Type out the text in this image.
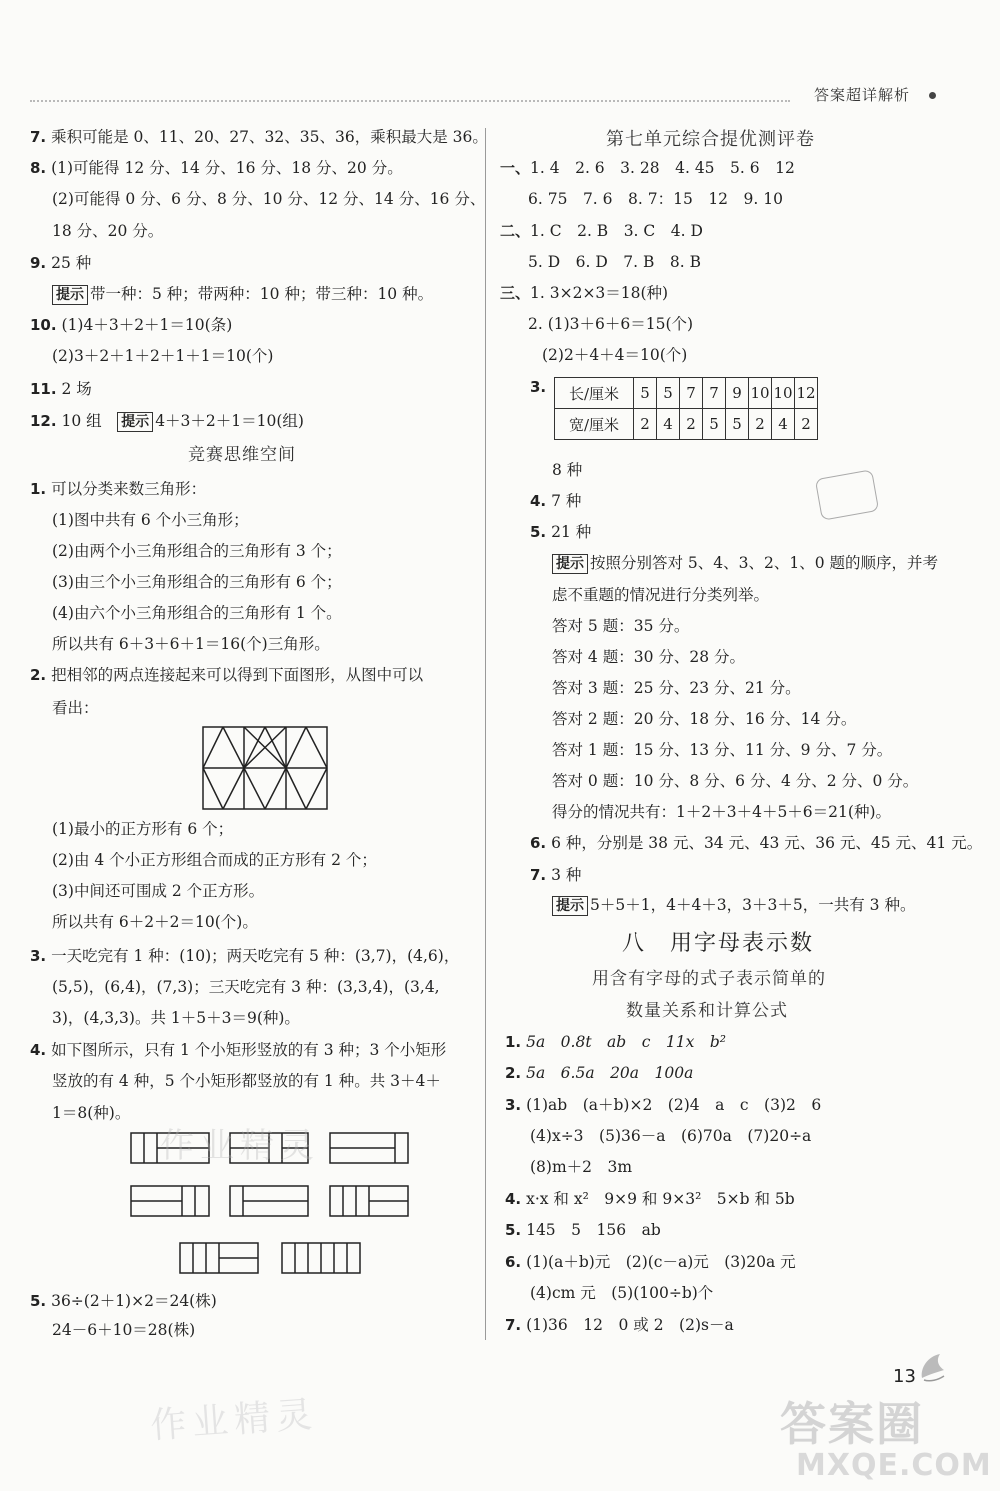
答案超详解析
7. 乘积可能是 0、11、20、27、32、35、36，乘积最大是 36。
8. (1)可能得 12 分、14 分、16 分、18 分、20 分。
(2)可能得 0 分、6 分、8 分、10 分、12 分、14 分、16 分、
18 分、20 分。
9. 25 种
提示 带一种：5 种；带两种：10 种；带三种：10 种。
10. (1)4＋3＋2＋1＝10(条)
(2)3＋2＋1＋2＋1＋1＝10(个)
11. 2 场
12. 10 组　 提示 4＋3＋2＋1＝10(组)
竞赛思维空间
1. 可以分类来数三角形：
(1)图中共有 6 个小三角形；
(2)由两个小三角形组合的三角形有 3 个；
(3)由三个小三角形组合的三角形有 6 个；
(4)由六个小三角形组合的三角形有 1 个。
所以共有 6＋3＋6＋1＝16(个)三角形。
2. 把相邻的两点连接起来可以得到下面图形，从图中可以
看出：
(1)最小的正方形有 6 个；
(2)由 4 个小正方形组合而成的正方形有 2 个；
(3)中间还可围成 2 个正方形。
所以共有 6＋2＋2＝10(个)。
3. 一天吃完有 1 种：(10)；两天吃完有 5 种：(3,7)，(4,6)，
(5,5)，(6,4)，(7,3)；三天吃完有 3 种：(3,3,4)，(3,4,
3)，(4,3,3)。共 1＋5＋3＝9(种)。
4. 如下图所示，只有 1 个小矩形竖放的有 3 种；3 个小矩形
竖放的有 4 种，5 个小矩形都竖放的有 1 种。共 3＋4＋
1＝8(种)。
5. 36÷(2＋1)×2＝24(株)
24－6＋10＝28(株)
第七单元综合提优测评卷
一、1. 4　2. 6　3. 28　4. 45　5. 6　12
6. 75　7. 6　8. 7：15　12　9. 10
二、1. C　2. B　3. C　4. D
5. D　6. D　7. B　8. B
三、1. 3×2×3＝18(种)
2. (1)3＋6＋6＝15(个)
(2)2＋4＋4＝10(个)
3. 长/厘米	5	5	7	7	9	10	10	12
宽/厘米	2	4	2	5	5	2	4	2
8 种
4. 7 种
5. 21 种
提示 按照分别答对 5、4、3、2、1、0 题的顺序，并考
虑不重题的情况进行分类列举。
答对 5 题：35 分。
答对 4 题：30 分、28 分。
答对 3 题：25 分、23 分、21 分。
答对 2 题：20 分、18 分、16 分、14 分。
答对 1 题：15 分、13 分、11 分、9 分、7 分。
答对 0 题：10 分、8 分、6 分、4 分、2 分、0 分。
得分的情况共有：1＋2＋3＋4＋5＋6＝21(种)。
6. 6 种，分别是 38 元、34 元、43 元、36 元、45 元、41 元。
7. 3 种
提示 5＋5＋1，4＋4＋3，3＋3＋5，一共有 3 种。
八　用字母表示数
用含有字母的式子表示简单的
数量关系和计算公式
1. 5a　0.8t　ab　c　11x　b²
2. 5a　6.5a　20a　100a
3. (1)ab　(a＋b)×2　(2)4　a　c　(3)2　6
(4)x÷3　(5)36－a　(6)70a　(7)20÷a
(8)m＋2　3m
4. x·x 和 x²　9×9 和 9×3²　5×b 和 5b
5. 145　5　156　ab
6. (1)(a＋b)元　(2)(c－a)元　(3)20a 元
(4)cm 元　(5)(100÷b)个
7. (1)36　12　0 或 2　(2)s－a
作业精灵
作业精灵
13
答案圈
MXQE.COM
